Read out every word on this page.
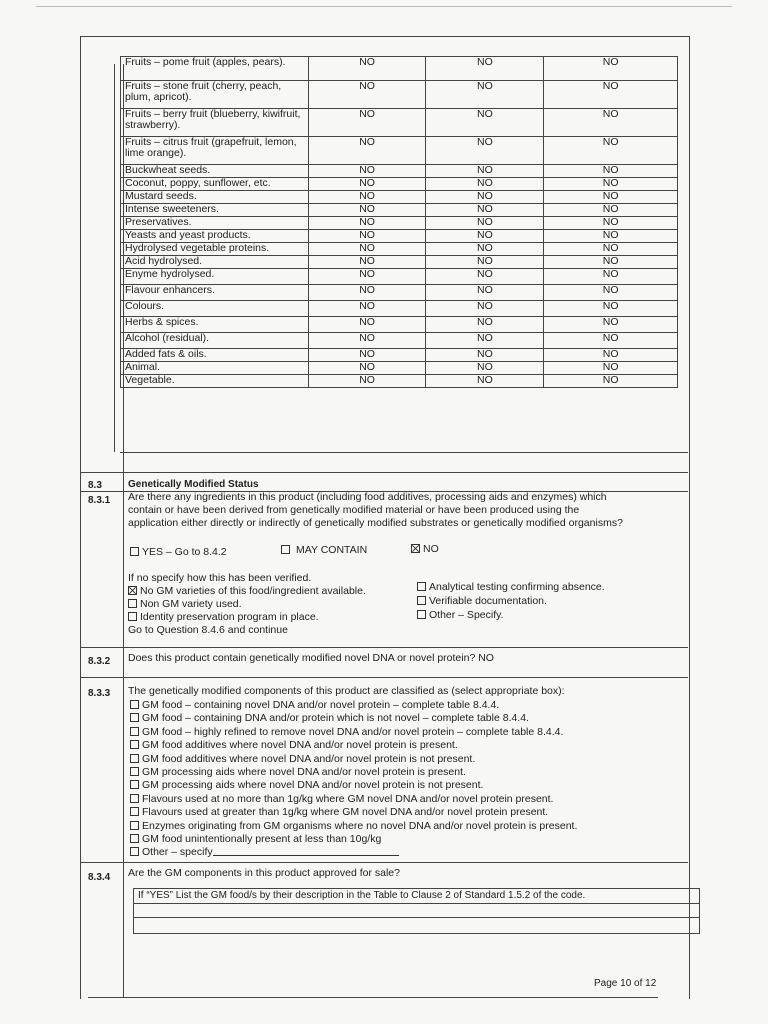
Fruits – pome fruit (apples, pears).	NO	NO	NO
Fruits – stone fruit (cherry, peach, plum, apricot).	NO	NO	NO
Fruits – berry fruit (blueberry, kiwifruit, strawberry).	NO	NO	NO
Fruits – citrus fruit (grapefruit, lemon, lime orange).	NO	NO	NO
Buckwheat seeds.	NO	NO	NO
Coconut, poppy, sunflower, etc.	NO	NO	NO
Mustard seeds.	NO	NO	NO
Intense sweeteners.	NO	NO	NO
Preservatives.	NO	NO	NO
Yeasts and yeast products.	NO	NO	NO
Hydrolysed vegetable proteins.	NO	NO	NO
Acid hydrolysed.	NO	NO	NO
Enyme hydrolysed.	NO	NO	NO
Flavour enhancers.	NO	NO	NO
Colours.	NO	NO	NO
Herbs & spices.	NO	NO	NO
Alcohol (residual).	NO	NO	NO
Added fats & oils.	NO	NO	NO
Animal.	NO	NO	NO
Vegetable.	NO	NO	NO
8.3	Genetically Modified Status
8.3.1 Are there any ingredients in this product (including food additives, processing aids and enzymes) which
contain or have been derived from genetically modified material or have been produced using the
application either directly or indirectly of genetically modified substrates or genetically modified organisms?
YES – Go to 8.4.2	MAY CONTAIN	NO
If no specify how this has been verified.
No GM varieties of this food/ingredient available.
Non GM variety used.
Identity preservation program in place.
Analytical testing confirming absence.
Verifiable documentation.
Other – Specify.
Go to Question 8.4.6 and continue
8.3.2 Does this product contain genetically modified novel DNA or novel protein? NO
8.3.3 The genetically modified components of this product are classified as (select appropriate box):
GM food – containing novel DNA and/or novel protein – complete table 8.4.4.
GM food – containing DNA and/or protein which is not novel – complete table 8.4.4.
GM food – highly refined to remove novel DNA and/or novel protein – complete table 8.4.4.
GM food additives where novel DNA and/or novel protein is present.
GM food additives where novel DNA and/or novel protein is not present.
GM processing aids where novel DNA and/or novel protein is present.
GM processing aids where novel DNA and/or novel protein is not present.
Flavours used at no more than 1g/kg where GM novel DNA and/or novel protein present.
Flavours used at greater than 1g/kg where GM novel DNA and/or novel protein present.
Enzymes originating from GM organisms where no novel DNA and/or novel protein is present.
GM food unintentionally present at less than 10g/kg
Other – specify
8.3.4 Are the GM components in this product approved for sale?
If “YES” List the GM food/s by their description in the Table to Clause 2 of Standard 1.5.2 of the code.
Page 10 of 12
